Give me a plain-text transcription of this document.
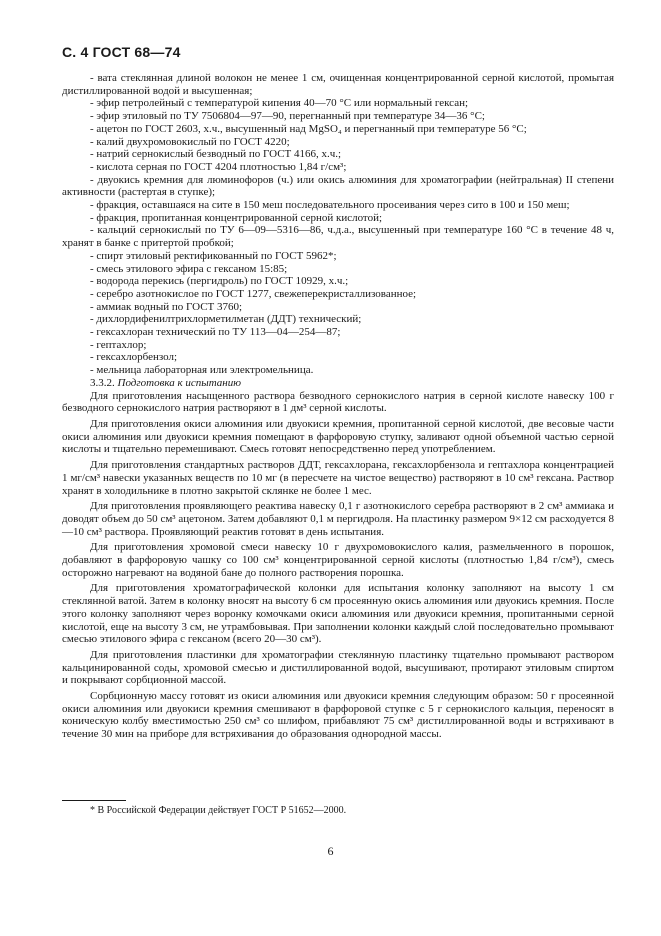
С. 4 ГОСТ 68—74

- вата стеклянная длиной волокон не менее 1 см, очищенная концентрированной серной кислотой, промытая дистиллированной водой и высушенная;

- эфир петролейный с температурой кипения 40—70 °С или нормальный гексан;

- эфир этиловый по ТУ 7506804—97—90, перегнанный при температуре 34—36 °С;

- ацетон по ГОСТ 2603, х.ч., высушенный над MgSO₄ и перегнанный при температуре 56 °С;

- калий двухромовокислый по ГОСТ 4220;

- натрий сернокислый безводный по ГОСТ 4166, х.ч.;

- кислота серная по ГОСТ 4204 плотностью 1,84 г/см³;

- двуокись кремния для люминофоров (ч.) или окись алюминия для хроматографии (нейтральная) II степени активности (растертая в ступке);

- фракция, оставшаяся на сите в 150 меш последовательного просеивания через сито в 100 и 150 меш;

- фракция, пропитанная концентрированной серной кислотой;

- кальций сернокислый по ТУ 6—09—5316—86, ч.д.а., высушенный при температуре 160 °С в течение 48 ч, хранят в банке с притертой пробкой;

- спирт этиловый ректификованный по ГОСТ 5962*;

- смесь этилового эфира с гексаном 15:85;

- водорода перекись (пергидроль) по ГОСТ 10929, х.ч.;

- серебро азотнокислое по ГОСТ 1277, свежеперекристаллизованное;

- аммиак водный по ГОСТ 3760;

- дихлордифенилтрихлорметилметан (ДДТ) технический;

- гексахлоран технический по ТУ 113—04—254—87;

- гептахлор;

- гексахлорбензол;

- мельница лабораторная или электромельница.

3.3.2. Подготовка к испытанию

Для приготовления насыщенного раствора безводного сернокислого натрия в серной кислоте навеску 100 г безводного сернокислого натрия растворяют в 1 дм³ серной кислоты.

Для приготовления окиси алюминия или двуокиси кремния, пропитанной серной кислотой, две весовые части окиси алюминия или двуокиси кремния помещают в фарфоровую ступку, заливают одной объемной частью серной кислоты и тщательно перемешивают. Смесь готовят непосредственно перед употреблением.

Для приготовления стандартных растворов ДДТ, гексахлорана, гексахлорбензола и гептахлора концентрацией 1 мг/см³ навески указанных веществ по 10 мг (в пересчете на чистое вещество) растворяют в 10 см³ гексана. Раствор хранят в холодильнике в плотно закрытой склянке не более 1 мес.

Для приготовления проявляющего реактива навеску 0,1 г азотнокислого серебра растворяют в 2 см³ аммиака и доводят объем до 50 см³ ацетоном. Затем добавляют 0,1 м пергидроля. На пластинку размером 9×12 см расходуется 8—10 см³ раствора. Проявляющий реактив готовят в день испытания.

Для приготовления хромовой смеси навеску 10 г двухромовокислого калия, размельченного в порошок, добавляют в фарфоровую чашку со 100 см³ концентрированной серной кислоты (плотностью 1,84 г/см³), смесь осторожно нагревают на водяной бане до полного растворения порошка.

Для приготовления хроматографической колонки для испытания колонку заполняют на высоту 1 см стеклянной ватой. Затем в колонку вносят на высоту 6 см просеянную окись алюминия или двуокись кремния. После этого колонку заполняют через воронку комочками окиси алюминия или двуокиси кремния, пропитанными серной кислотой, еще на высоту 3 см, не утрамбовывая. При заполнении колонки каждый слой последовательно промывают смесью этилового эфира с гексаном (всего 20—30 см³).

Для приготовления пластинки для хроматографии стеклянную пластинку тщательно промывают раствором кальцинированной соды, хромовой смесью и дистиллированной водой, высушивают, протирают этиловым спиртом и покрывают сорбционной массой.

Сорбционную массу готовят из окиси алюминия или двуокиси кремния следующим образом: 50 г просеянной окиси алюминия или двуокиси кремния смешивают в фарфоровой ступке с 5 г сернокислого кальция, переносят в коническую колбу вместимостью 250 см³ со шлифом, прибавляют 75 см³ дистиллированной воды и встряхивают в течение 30 мин на приборе для встряхивания до образования однородной массы.

* В Российской Федерации действует ГОСТ Р 51652—2000.
6
